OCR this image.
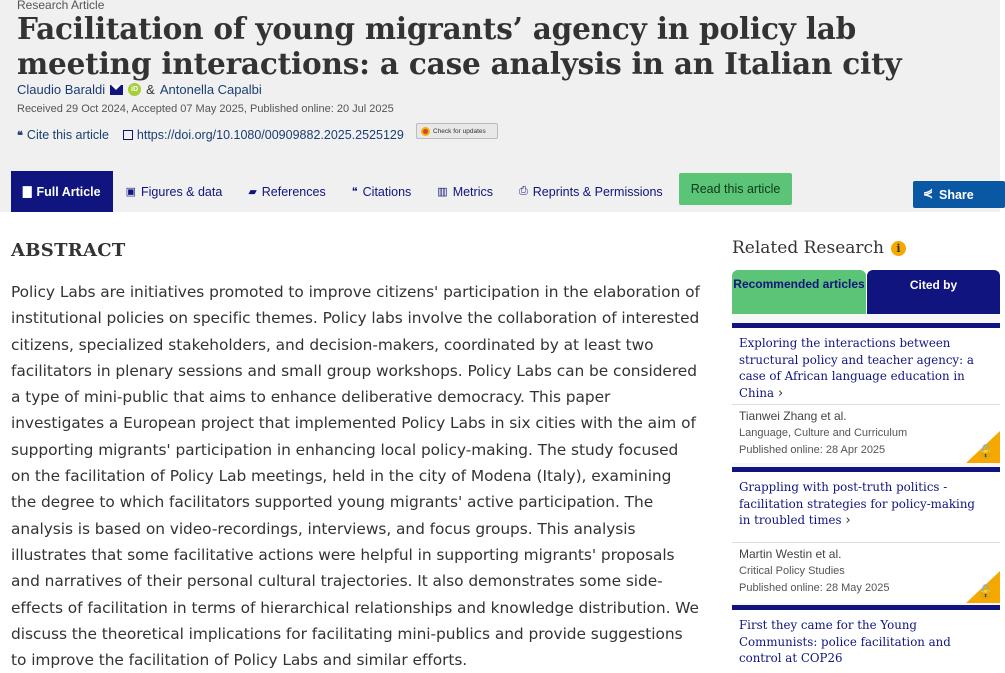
Research Article
Facilitation of young migrants’ agency in policy lab meeting interactions: a case analysis in an Italian city
Claudio Baraldi	iD & Antonella Capalbi
Received 29 Oct 2024, Accepted 07 May 2025, Published online: 20 Jul 2025
❝ Cite this article https://doi.org/10.1080/00909882.2025.2525129	Check for updates
▇ Full Article ▣ Figures & data ▰ References ❝ Citations ▥ Metrics ⎙ Reprints & Permissions	Read this article	⋞ Share
ABSTRACT

Policy Labs are initiatives promoted to improve citizens' participation in the elaboration of institutional policies on specific themes. Policy labs involve the collaboration of interested citizens, specialized stakeholders, and decision-makers, coordinated by at least two facilitators in plenary sessions and small group workshops. Policy Labs can be considered a type of mini-public that aims to enhance deliberative democracy. This paper investigates a European project that implemented Policy Labs in six cities with the aim of supporting migrants' participation in enhancing local policy-making. The study focused on the facilitation of Policy Lab meetings, held in the city of Modena (Italy), examining the degree to which facilitators supported young migrants' active participation. The analysis is based on video-recordings, interviews, and focus groups. This analysis illustrates that some facilitative actions were helpful in supporting migrants' proposals and narratives of their personal cultural trajectories. It also demonstrates some side-effects of facilitation in terms of hierarchical relationships and knowledge distribution. We discuss the theoretical implications for facilitating mini-publics and provide suggestions to improve the facilitation of Policy Labs and similar efforts.

Related Research	i
Recommended articles	Cited by
Exploring the interactions between structural policy and teacher agency: a case of African language education in China ›
Tianwei Zhang et al.
Language, Culture and Curriculum
Published online: 28 Apr 2025	🔓
Grappling with post-truth politics - facilitation strategies for policy-making in troubled times ›
Martin Westin et al.
Critical Policy Studies
Published online: 28 May 2025	🔓
First they came for the Young Communists: police facilitation and control at COP26
